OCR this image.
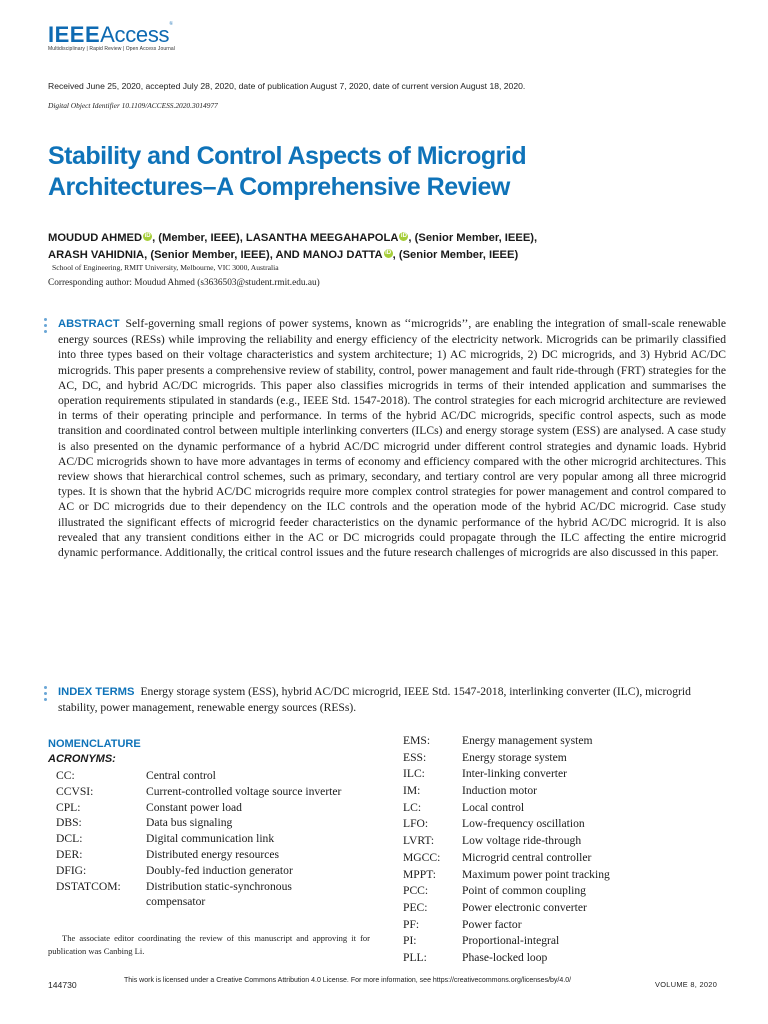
IEEEAccess®
Multidisciplinary | Rapid Review | Open Access Journal
Received June 25, 2020, accepted July 28, 2020, date of publication August 7, 2020, date of current version August 18, 2020.
Digital Object Identifier 10.1109/ACCESS.2020.3014977
Stability and Control Aspects of Microgrid
Architectures–A Comprehensive Review
MOUDUD AHMED iD , (Member, IEEE), LASANTHA MEEGAHAPOLA iD , (Senior Member, IEEE),
ARASH VAHIDNIA, (Senior Member, IEEE), AND MANOJ DATTA iD , (Senior Member, IEEE)
School of Engineering, RMIT University, Melbourne, VIC 3000, Australia
Corresponding author: Moudud Ahmed (s3636503@student.rmit.edu.au)
ABSTRACT Self-governing small regions of power systems, known as ‘‘microgrids’’, are enabling the integration of small-scale renewable energy sources (RESs) while improving the reliability and energy efficiency of the electricity network. Microgrids can be primarily classified into three types based on their voltage characteristics and system architecture; 1) AC microgrids, 2) DC microgrids, and 3) Hybrid AC/DC microgrids. This paper presents a comprehensive review of stability, control, power management and fault ride-through (FRT) strategies for the AC, DC, and hybrid AC/DC microgrids. This paper also classifies microgrids in terms of their intended application and summarises the operation requirements stipulated in standards (e.g., IEEE Std. 1547-2018). The control strategies for each microgrid architecture are reviewed in terms of their operating principle and performance. In terms of the hybrid AC/DC microgrids, specific control aspects, such as mode transition and coordinated control between multiple interlinking converters (ILCs) and energy storage system (ESS) are analysed. A case study is also presented on the dynamic performance of a hybrid AC/DC microgrid under different control strategies and dynamic loads. Hybrid AC/DC microgrids shown to have more advantages in terms of economy and efficiency compared with the other microgrid architectures. This review shows that hierarchical control schemes, such as primary, secondary, and tertiary control are very popular among all three microgrid types. It is shown that the hybrid AC/DC microgrids require more complex control strategies for power management and control compared to AC or DC microgrids due to their dependency on the ILC controls and the operation mode of the hybrid AC/DC microgrid. Case study illustrated the significant effects of microgrid feeder characteristics on the dynamic performance of the hybrid AC/DC microgrid. It is also revealed that any transient conditions either in the AC or DC microgrids could propagate through the ILC affecting the entire microgrid dynamic performance. Additionally, the critical control issues and the future research challenges of microgrids are also discussed in this paper.
INDEX TERMS Energy storage system (ESS), hybrid AC/DC microgrid, IEEE Std. 1547-2018, interlinking converter (ILC), microgrid stability, power management, renewable energy sources (RESs).
NOMENCLATURE
ACRONYMS:
CC:	Central control
CCVSI:	Current-controlled voltage source inverter
CPL:	Constant power load
DBS:	Data bus signaling
DCL:	Digital communication link
DER:	Distributed energy resources
DFIG:	Doubly-fed induction generator
DSTATCOM: Distribution static-synchronous
compensator
EMS:	Energy management system
ESS:	Energy storage system
ILC:	Inter-linking converter
IM:	Induction motor
LC:	Local control
LFO:	Low-frequency oscillation
LVRT: Low voltage ride-through
MGCC: Microgrid central controller
MPPT: Maximum power point tracking
PCC:	Point of common coupling
PEC:	Power electronic converter
PF:	Power factor
PI:	Proportional-integral
PLL:	Phase-locked loop
The associate editor coordinating the review of this manuscript and approving it for publication was Canbing Li.
144730	This work is licensed under a Creative Commons Attribution 4.0 License. For more information, see https://creativecommons.org/licenses/by/4.0/	VOLUME 8, 2020
